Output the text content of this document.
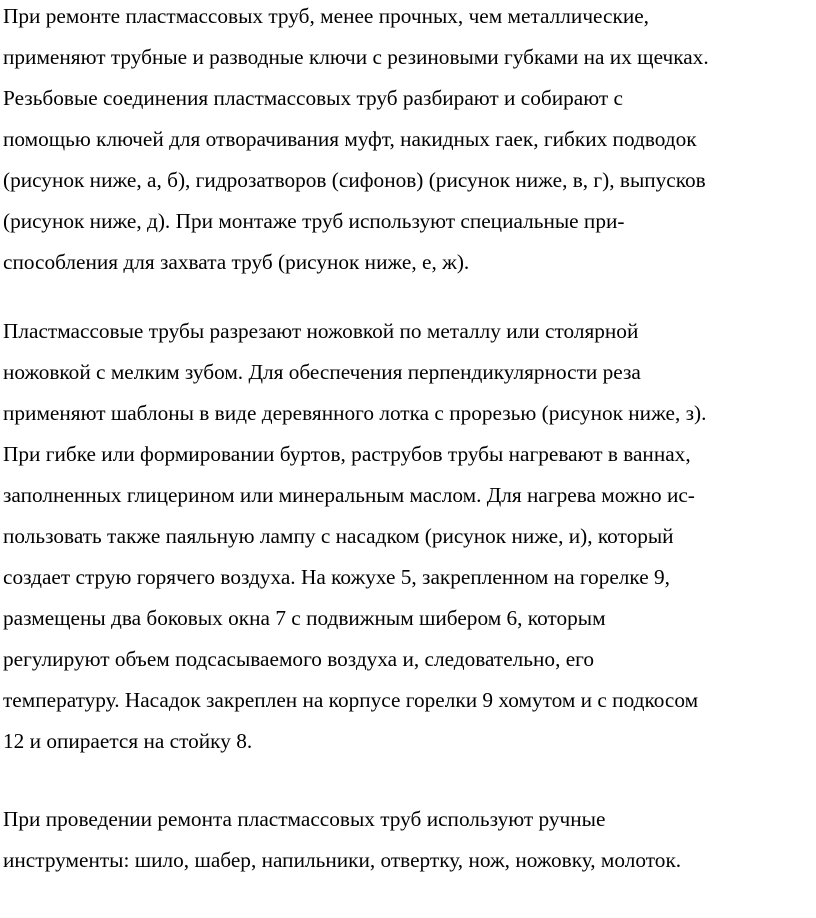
При ремонте пластмассовых труб, менее прочных, чем металлические,
применяют трубные и разводные ключи с резиновыми губками на их щечках.
Резьбовые соединения пластмассовых труб разбирают и собирают с
помощью ключей для отворачивания муфт, накидных гаек, гибких подводок
(рисунок ниже, а, б), гидрозатворов (сифонов) (рисунок ниже, в, г), выпусков
(рисунок ниже, д). При монтаже труб используют специальные при-
способления для захвата труб (рисунок ниже, е, ж).

Пластмассовые трубы разрезают ножовкой по металлу или столярной
ножовкой с мелким зубом. Для обеспечения перпендикулярности реза
применяют шаблоны в виде деревянного лотка с прорезью (рисунок ниже, з).
При гибке или формировании буртов, раструбов трубы нагревают в ваннах,
заполненных глицерином или минеральным маслом. Для нагрева можно ис-
пользовать также паяльную лампу с насадком (рисунок ниже, и), который
создает струю горячего воздуха. На кожухе 5, закрепленном на горелке 9,
размещены два боковых окна 7 с подвижным шибером 6, которым
регулируют объем подсасываемого воздуха и, следовательно, его
температуру. Насадок закреплен на корпусе горелки 9 хомутом и с подкосом
12 и опирается на стойку 8.

При проведении ремонта пластмассовых труб используют ручные
инструменты: шило, шабер, напильники, отвертку, нож, ножовку, молоток.
